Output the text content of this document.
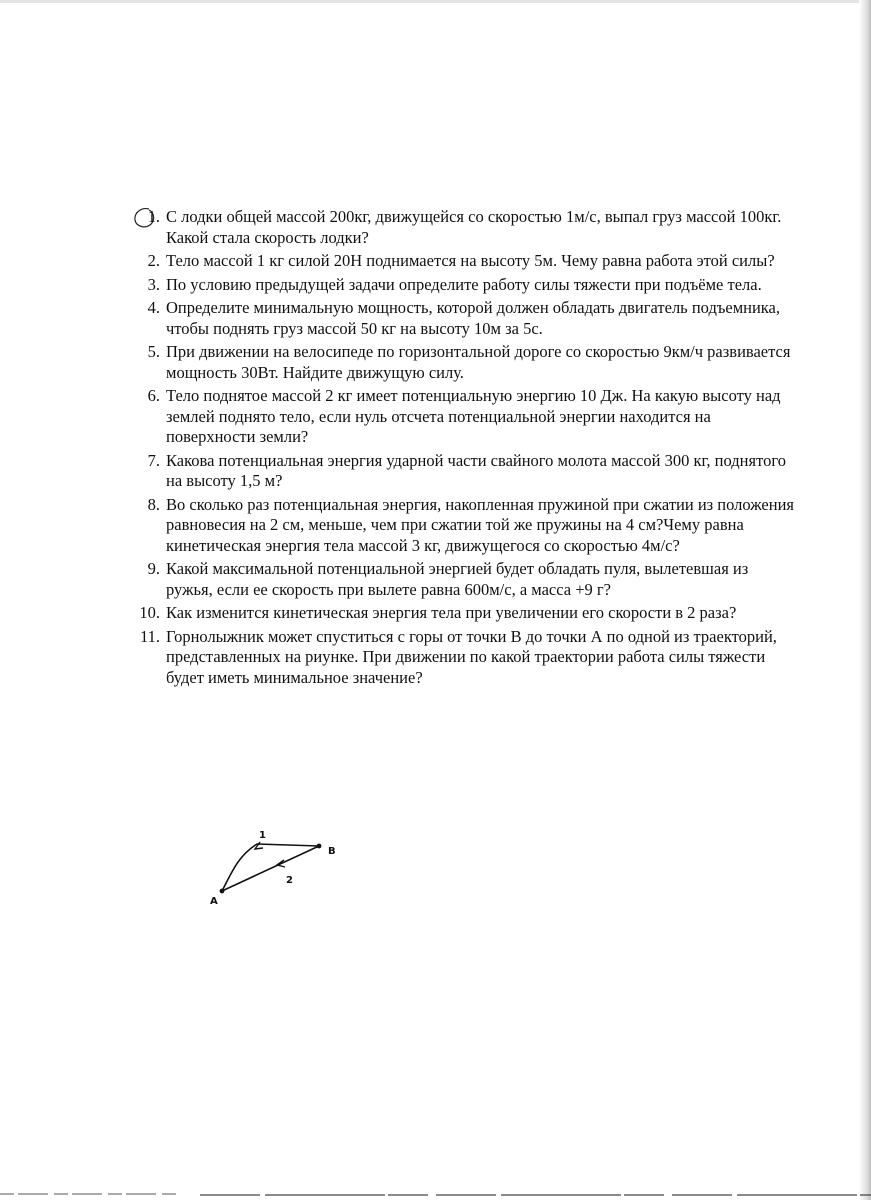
1. С лодки общей массой 200кг, движущейся со скоростью 1м/с, выпал груз массой 100кг. Какой стала скорость лодки?
2. Тело массой 1 кг силой 20Н поднимается на высоту 5м. Чему равна работа этой силы?
3. По условию предыдущей задачи определите работу силы тяжести при подъёме тела.
4. Определите минимальную мощность, которой должен обладать двигатель подъемника, чтобы поднять груз массой 50 кг на высоту 10м за 5с.
5. При движении на велосипеде по горизонтальной дороге со скоростью 9км/ч развивается мощность 30Вт. Найдите движущую силу.
6. Тело поднятое массой 2 кг имеет потенциальную энергию 10 Дж. На какую высоту над землей поднято тело, если нуль отсчета потенциальной энергии находится на поверхности земли?
7. Какова потенциальная энергия ударной части свайного молота массой 300 кг, поднятого на высоту 1,5 м?
8. Во сколько раз потенциальная энергия, накопленная пружиной при сжатии из положения равновесия на 2 см, меньше, чем при сжатии той же пружины на 4 см?Чему равна кинетическая энергия тела массой 3 кг, движущегося со скоростью 4м/с?
9. Какой максимальной потенциальной энергией будет обладать пуля, вылетевшая из ружья, если ее скорость при вылете равна 600м/с, а масса +9 г?
10. Как изменится кинетическая энергия тела при увеличении его скорости в 2 раза?
11. Горнолыжник может спуститься с горы от точки В до точки А по одной из траекторий, представленных на риунке. При движении по какой траектории работа силы тяжести будет иметь минимальное значение?
1
2
B
A
